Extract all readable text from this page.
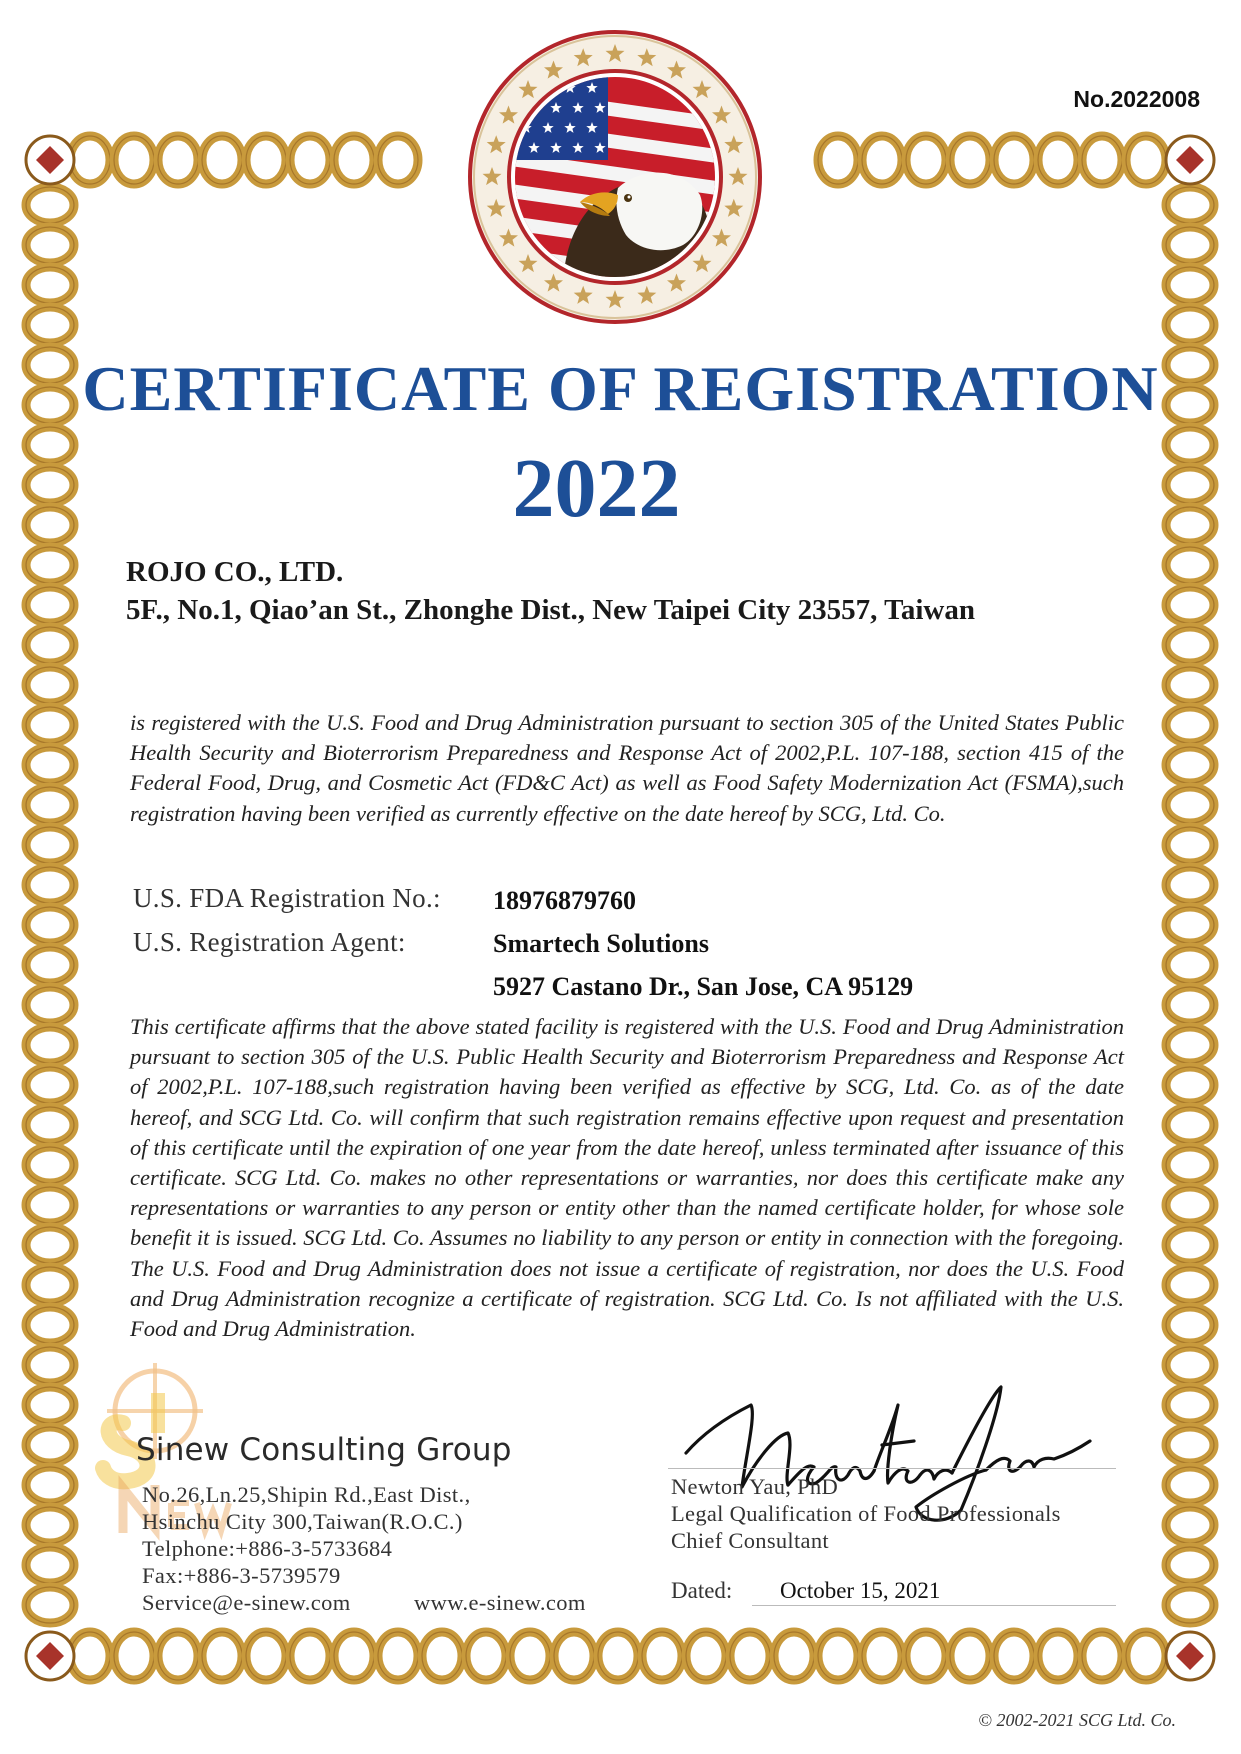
No.2022008
CERTIFICATE OF REGISTRATION
2022
ROJO CO., LTD.
5F., No.1, Qiao’an St., Zhonghe Dist., New Taipei City 23557, Taiwan
is registered with the U.S. Food and Drug Administration pursuant to section 305 of the United States Public Health Security and Bioterrorism Preparedness and Response Act of 2002,P.L. 107-188, section 415 of the Federal Food, Drug, and Cosmetic Act (FD&C Act) as well as Food Safety Modernization Act (FSMA),such registration having been verified as currently effective on the date hereof by SCG, Ltd. Co.
U.S. FDA Registration No.: 18976879760
U.S. Registration Agent:	Smartech Solutions
5927 Castano Dr., San Jose, CA 95129
This certificate affirms that the above stated facility is registered with the U.S. Food and Drug Administration pursuant to section 305 of the U.S. Public Health Security and Bioterrorism Preparedness and Response Act of 2002,P.L. 107-188,such registration having been verified as effective by SCG, Ltd. Co. as of the date hereof, and SCG Ltd. Co. will confirm that such registration remains effective upon request and presentation of this certificate until the expiration of one year from the date hereof, unless terminated after issuance of this certificate. SCG Ltd. Co. makes no other representations or warranties, nor does this certificate make any representations or warranties to any person or entity other than the named certificate holder, for whose sole benefit it is issued. SCG Ltd. Co. Assumes no liability to any person or entity in connection with the foregoing. The U.S. Food and Drug Administration does not issue a certificate of registration, nor does the U.S. Food and Drug Administration recognize a certificate of registration. SCG Ltd. Co. Is not affiliated with the U.S. Food and Drug Administration.
Sinew Consulting Group
No.26,Ln.25,Shipin Rd.,East Dist.,
Hsinchu City 300,Taiwan(R.O.C.)
Telphone:+886-3-5733684
Fax:+886-3-5739579
Service@e-sinew.com	www.e-sinew.com
Newton Yau, PhD
Legal Qualification of Food Professionals
Chief Consultant
Dated: October 15, 2021
© 2002-2021 SCG Ltd. Co.
